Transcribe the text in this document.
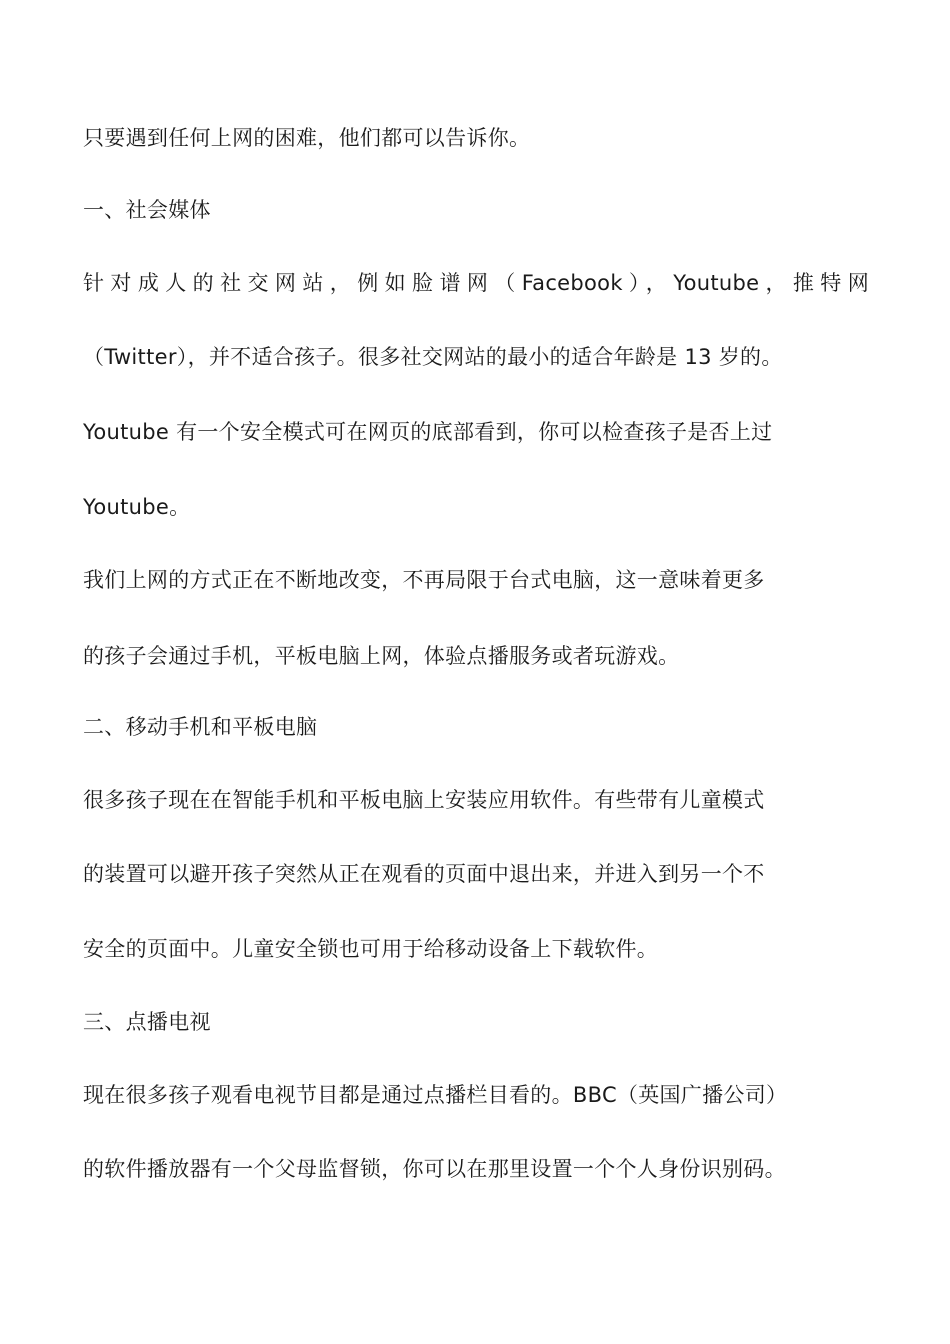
只要遇到任何上网的困难，他们都可以告诉你。
一、社会媒体
针对成人的社交网站，例如脸谱网（Facebook），Youtube，推特网
（Twitter），并不适合孩子。很多社交网站的最小的适合年龄是 13 岁的。
Youtube 有一个安全模式可在网页的底部看到，你可以检查孩子是否上过
Youtube。
我们上网的方式正在不断地改变，不再局限于台式电脑，这一意味着更多
的孩子会通过手机，平板电脑上网，体验点播服务或者玩游戏。
二、移动手机和平板电脑
很多孩子现在在智能手机和平板电脑上安装应用软件。有些带有儿童模式
的装置可以避开孩子突然从正在观看的页面中退出来，并进入到另一个不
安全的页面中。儿童安全锁也可用于给移动设备上下载软件。
三、点播电视
现在很多孩子观看电视节目都是通过点播栏目看的。BBC（英国广播公司）
的软件播放器有一个父母监督锁，你可以在那里设置一个个人身份识别码。
